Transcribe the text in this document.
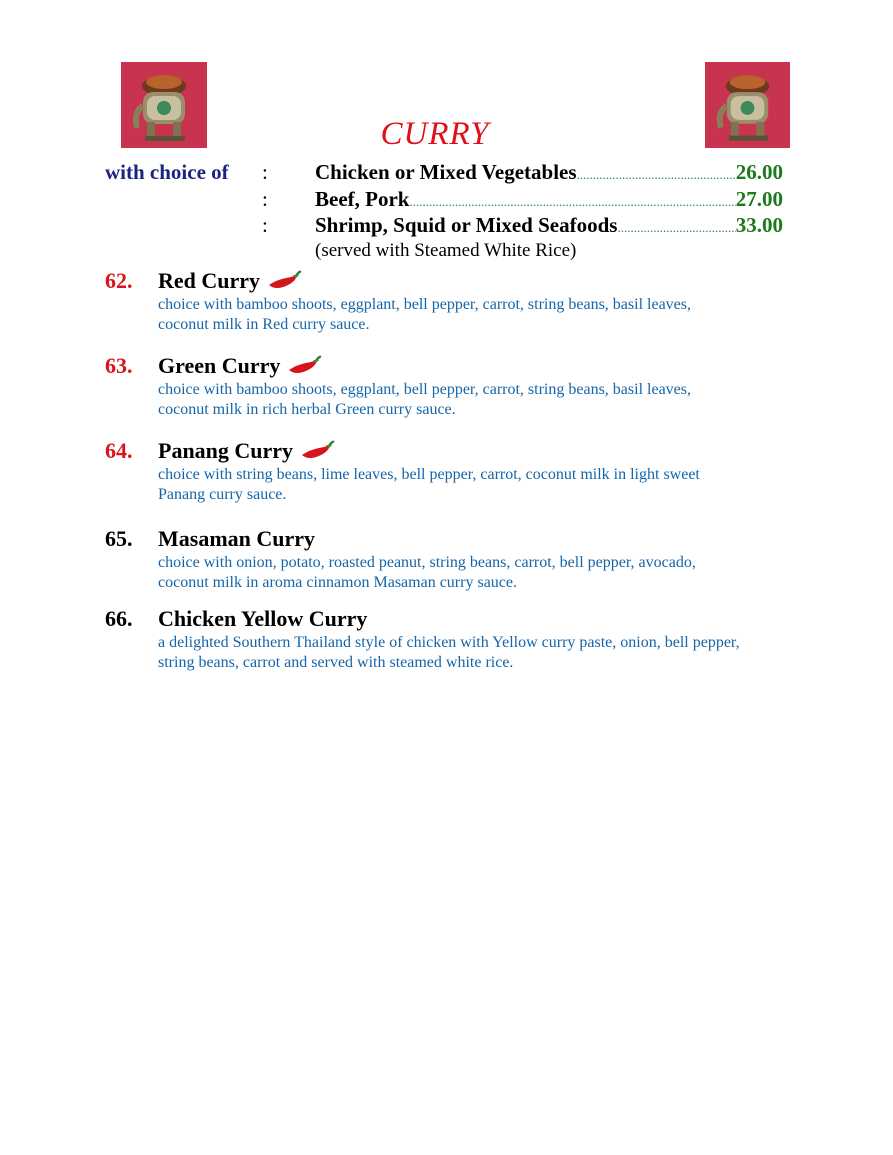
CURRY
with choice of : Chicken or Mixed Vegetables .....	26.00
: Beef, Pork .....	27.00
: Shrimp, Squid or Mixed Seafoods .....	33.00
(served with Steamed White Rice)
62. Red Curry
choice with bamboo shoots, eggplant, bell pepper, carrot, string beans, basil leaves,
coconut milk in Red curry sauce.
63. Green Curry
choice with bamboo shoots, eggplant, bell pepper, carrot, string beans, basil leaves,
coconut milk in rich herbal Green curry sauce.
64. Panang Curry
choice with string beans, lime leaves, bell pepper, carrot, coconut milk in light sweet
Panang curry sauce.
65. Masaman Curry
choice with onion, potato, roasted peanut, string beans, carrot, bell pepper, avocado,
coconut milk in aroma cinnamon Masaman curry sauce.
66. Chicken Yellow Curry
a delighted Southern Thailand style of chicken with Yellow curry paste, onion, bell pepper,
string beans, carrot and served with steamed white rice.
